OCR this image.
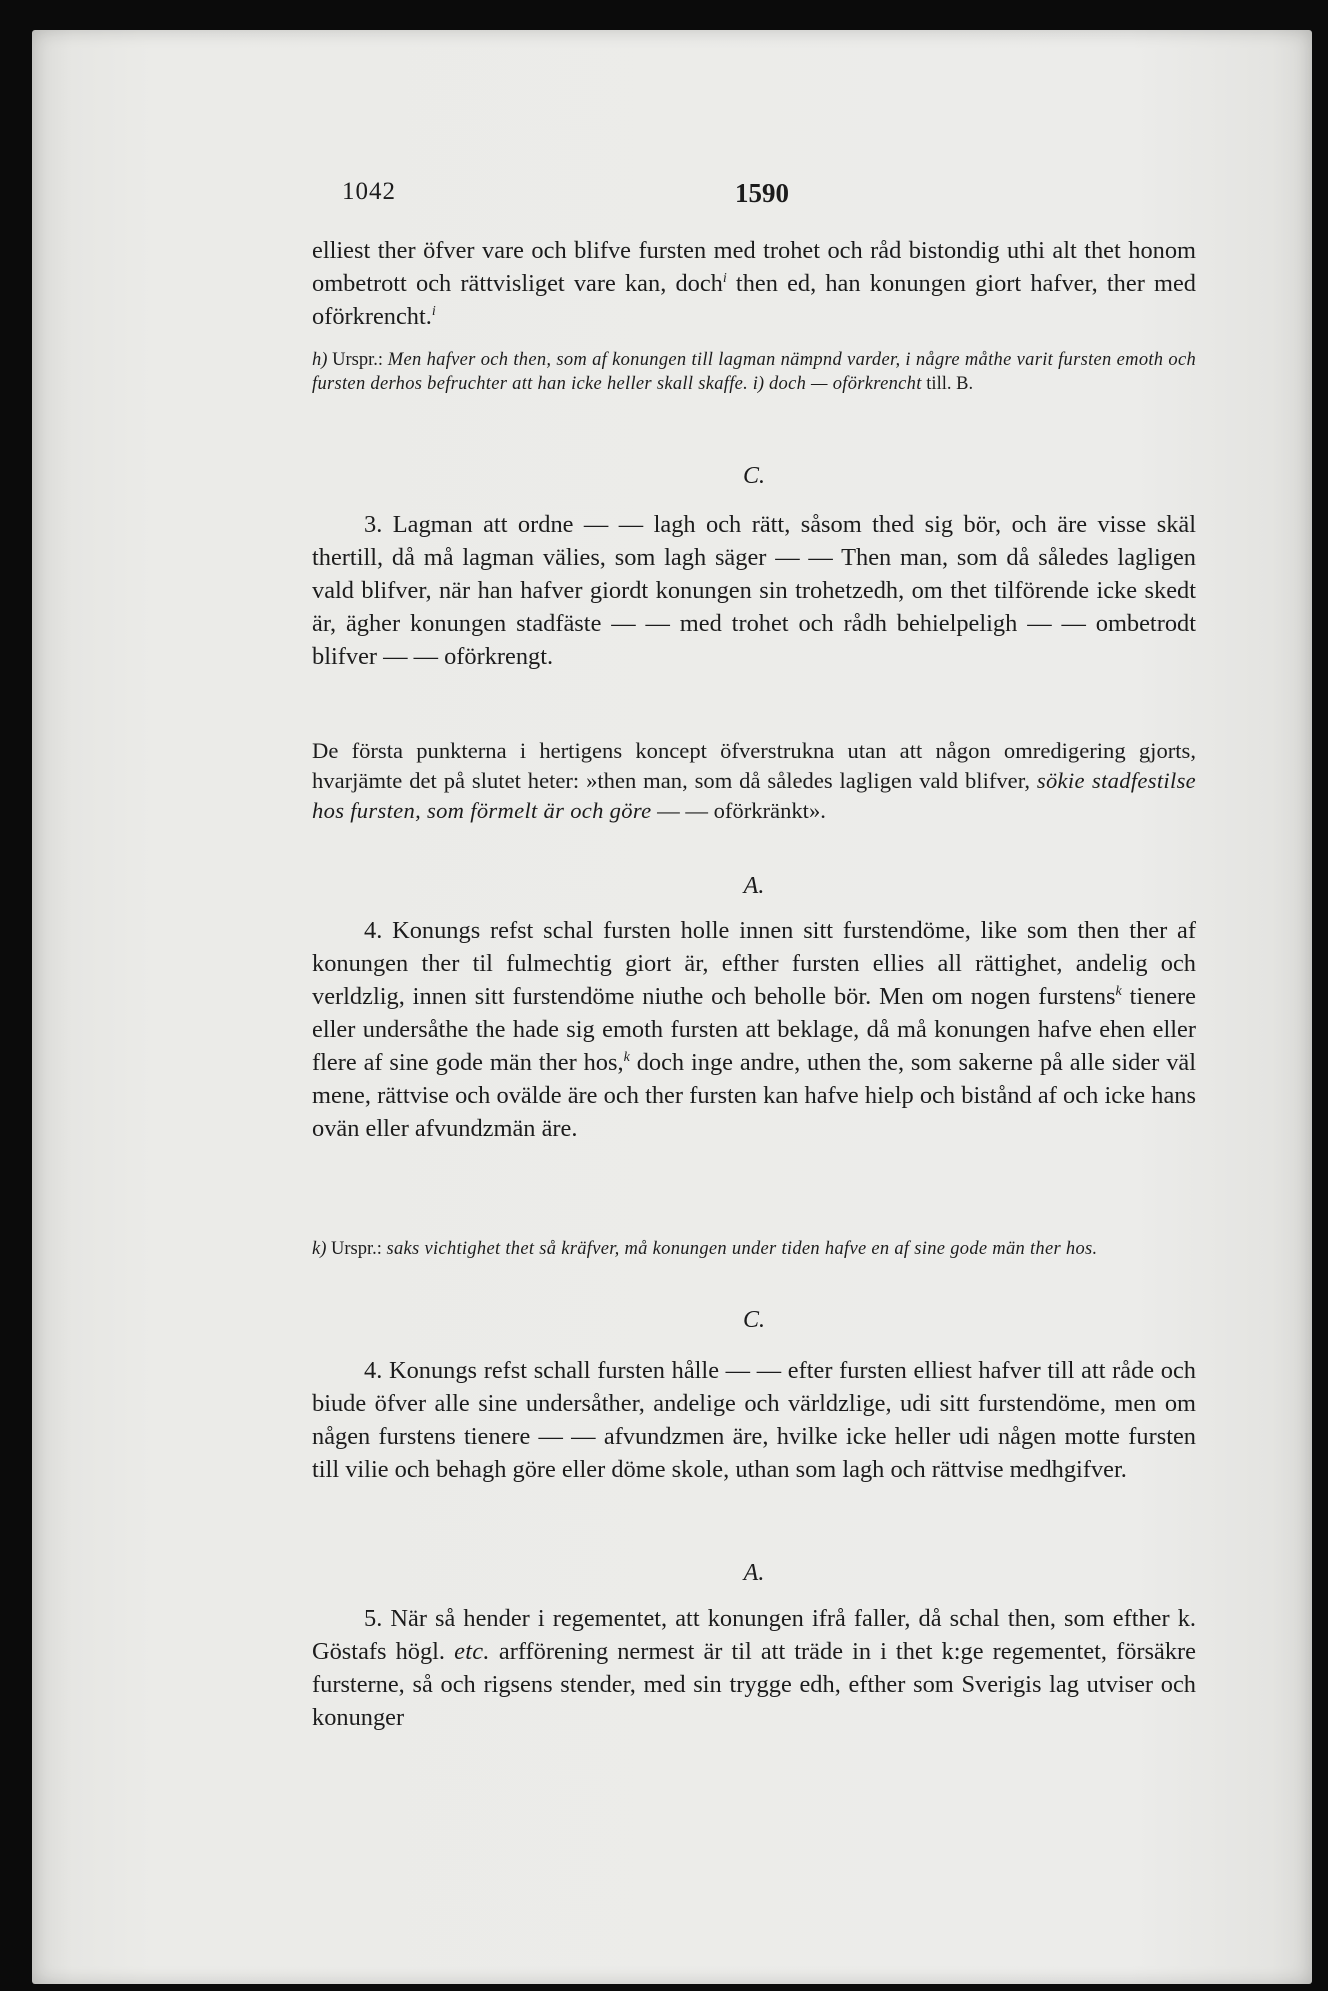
1042	1590
elliest ther öfver vare och blifve fursten med trohet och råd bistondig uthi alt thet honom ombetrott och rättvisliget vare kan, doch$^i$ then ed, han konungen giort hafver, ther med oförkrencht.$^i$
h) Urspr.: Men hafver och then, som af konungen till lagman nämpnd varder, i någre måthe varit fursten emoth och fursten derhos befruchter att han icke heller skall skaffe. i) doch — oförkrencht till. B.
C.
3. Lagman att ordne — — lagh och rätt, såsom thed sig bör, och äre visse skäl thertill, då må lagman välies, som lagh säger — — Then man, som då således lagligen vald blifver, när han hafver giordt konungen sin trohetzedh, om thet tilförende icke skedt är, ägher konungen stadfäste — — med trohet och rådh behielpeligh — — ombetrodt blifver — — oförkrengt.
De första punkterna i hertigens koncept öfverstrukna utan att någon omredigering gjorts, hvarjämte det på slutet heter: »then man, som då således lagligen vald blifver, sökie stadfestilse hos fursten, som förmelt är och göre — — oförkränkt».
A.
4. Konungs refst schal fursten holle innen sitt furstendöme, like som then ther af konungen ther til fulmechtig giort är, efther fursten ellies all rättighet, andelig och verldzlig, innen sitt furstendöme niuthe och beholle bör. Men om nogen furstens$^k$ tienere eller undersåthe the hade sig emoth fursten att beklage, då må konungen hafve ehen eller flere af sine gode män ther hos,$^k$ doch inge andre, uthen the, som sakerne på alle sider väl mene, rättvise och ovälde äre och ther fursten kan hafve hielp och bistånd af och icke hans ovän eller afvundzmän äre.
k) Urspr.: saks vichtighet thet så kräfver, må konungen under tiden hafve en af sine gode män ther hos.
C.
4. Konungs refst schall fursten hålle — — efter fursten elliest hafver till att råde och biude öfver alle sine undersåther, andelige och världzlige, udi sitt furstendöme, men om någen furstens tienere — — afvundzmen äre, hvilke icke heller udi någen motte fursten till vilie och behagh göre eller döme skole, uthan som lagh och rättvise medhgifver.
A.
5. När så hender i regementet, att konungen ifrå faller, då schal then, som efther k. Göstafs högl. etc. arfförening nermest är til att träde in i thet k:ge regementet, försäkre fursterne, så och rigsens stender, med sin trygge edh, efther som Sverigis lag utviser och konunger
